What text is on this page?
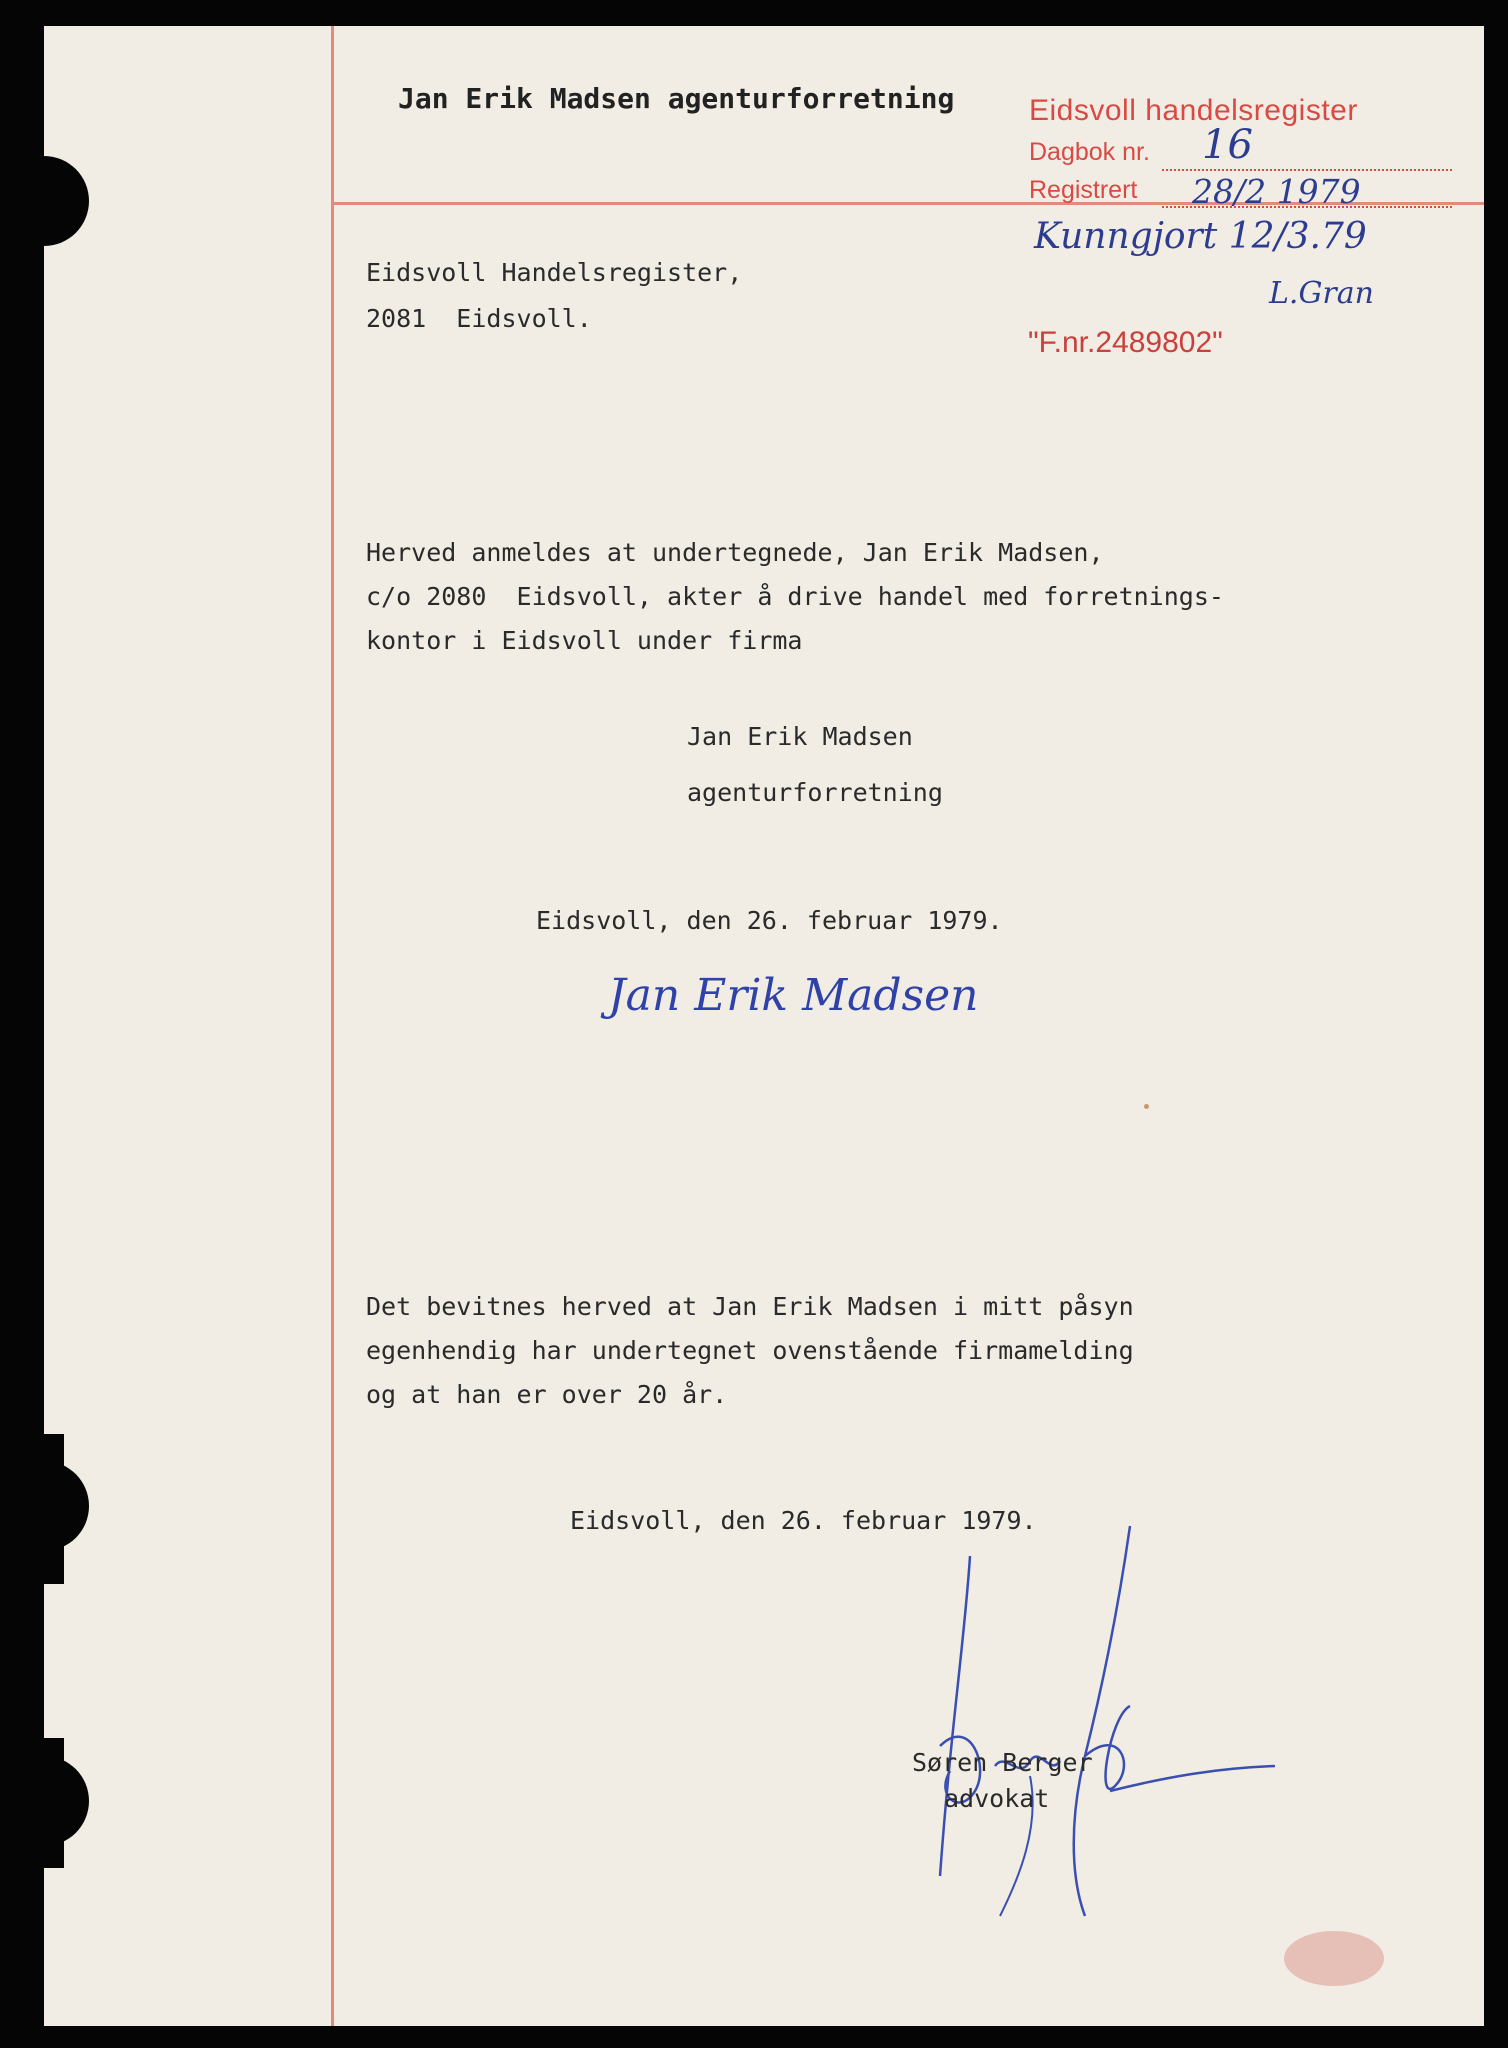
Jan Erik Madsen agenturforretning Eidsvoll handelsregister
Dagbok nr. 16
Registrert 28/2 1979
Kunngjort 12/3.79
L.Gran
"F.nr.2489802"
Eidsvoll Handelsregister,
2081  Eidsvoll.
Herved anmeldes at undertegnede, Jan Erik Madsen,
c/o 2080  Eidsvoll, akter å drive handel med forretnings-
kontor i Eidsvoll under firma
Jan Erik Madsen
agenturforretning
Eidsvoll, den 26. februar 1979.
Jan Erik Madsen
Det bevitnes herved at Jan Erik Madsen i mitt påsyn
egenhendig har undertegnet ovenstående firmamelding
og at han er over 20 år.
Eidsvoll, den 26. februar 1979.
Søren Berger
advokat
